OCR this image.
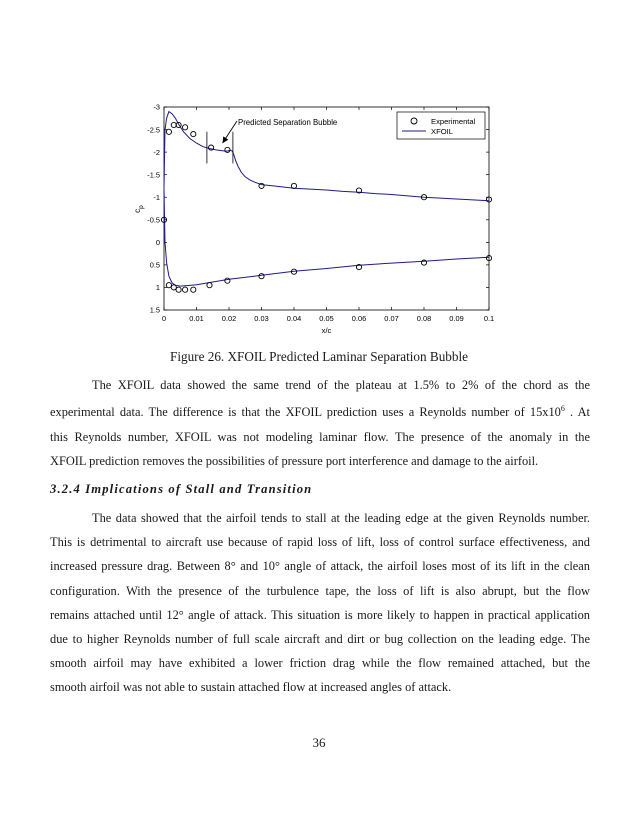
0	0.01 0.02 0.03 0.04 0.05 0.06 0.07 0.08 0.09	0.1
-3
-2.5
-2
-1.5
-1
-0.5
0
0.5
1
1.5
Predicted Separation Bubble
x/c
$c_p$
Experimental
XFOIL
Figure 26. XFOIL Predicted Laminar Separation Bubble

The XFOIL data showed the same trend of the plateau at 1.5% to 2% of the chord as the

experimental data. The difference is that the XFOIL prediction uses a Reynolds number of $15x10^6$ . At

this Reynolds number, XFOIL was not modeling laminar flow. The presence of the anomaly in the

XFOIL prediction removes the possibilities of pressure port interference and damage to the airfoil.

3.2.4 Implications of Stall and Transition

The data showed that the airfoil tends to stall at the leading edge at the given Reynolds number.

This is detrimental to aircraft use because of rapid loss of lift, loss of control surface effectiveness, and

increased pressure drag. Between 8° and 10° angle of attack, the airfoil loses most of its lift in the clean

configuration. With the presence of the turbulence tape, the loss of lift is also abrupt, but the flow

remains attached until 12° angle of attack. This situation is more likely to happen in practical application

due to higher Reynolds number of full scale aircraft and dirt or bug collection on the leading edge. The

smooth airfoil may have exhibited a lower friction drag while the flow remained attached, but the

smooth airfoil was not able to sustain attached flow at increased angles of attack.

36
